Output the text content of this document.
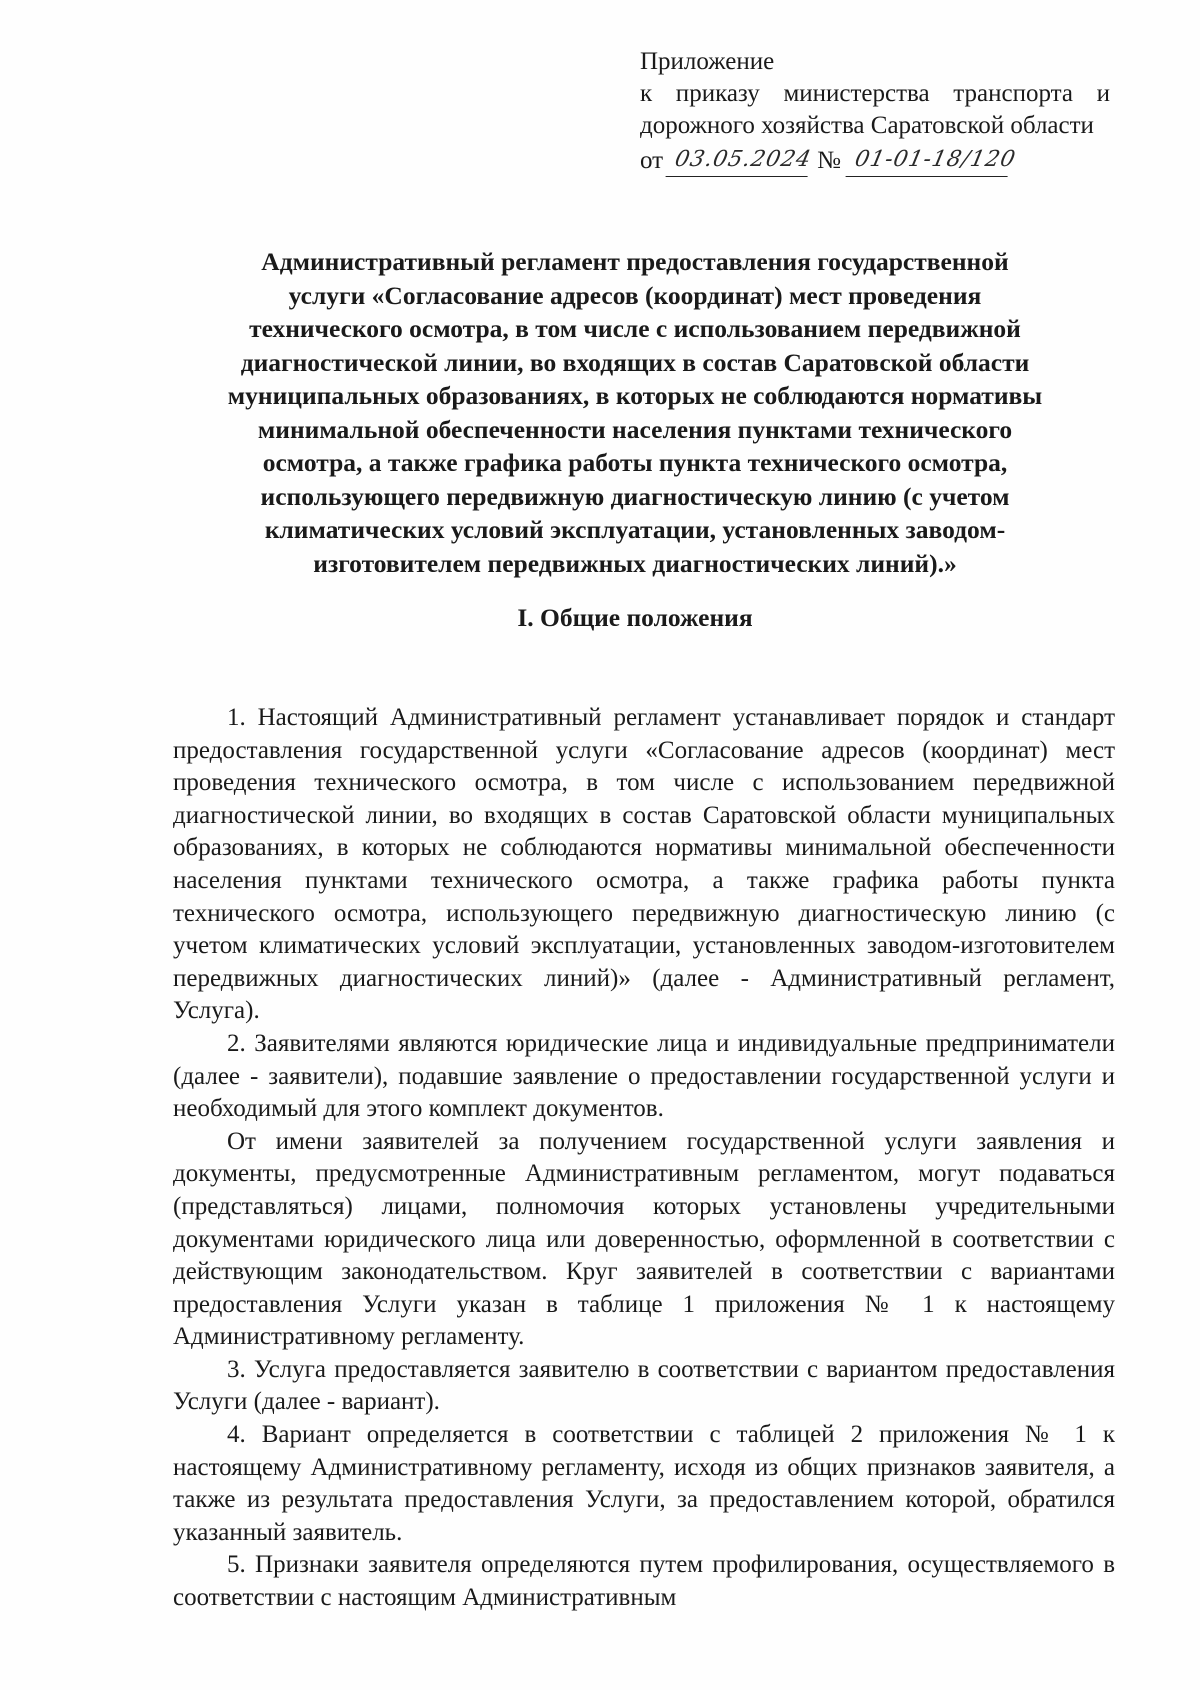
Приложение
к приказу министерства транспорта и дорожного хозяйства Саратовской области
от 03.05.2024 № 01-01-18/120
Административный регламент предоставления государственной
услуги «Согласование адресов (координат) мест проведения
технического осмотра, в том числе с использованием передвижной
диагностической линии, во входящих в состав Саратовской области
муниципальных образованиях, в которых не соблюдаются нормативы
минимальной обеспеченности населения пунктами технического
осмотра, а также графика работы пункта технического осмотра,
использующего передвижную диагностическую линию (с учетом
климатических условий эксплуатации, установленных заводом-
изготовителем передвижных диагностических линий).»
I. Общие положения

1. Настоящий Административный регламент устанавливает порядок и стандарт предоставления государственной услуги «Согласование адресов (координат) мест проведения технического осмотра, в том числе с использованием передвижной диагностической линии, во входящих в состав Саратовской области муниципальных образованиях, в которых не соблюдаются нормативы минимальной обеспеченности населения пунктами технического осмотра, а также графика работы пункта технического осмотра, использующего передвижную диагностическую линию (с учетом климатических условий эксплуатации, установленных заводом-изготовителем передвижных диагностических линий)» (далее - Административный регламент, Услуга).

2. Заявителями являются юридические лица и индивидуальные предприниматели (далее - заявители), подавшие заявление о предоставлении государственной услуги и необходимый для этого комплект документов.

От имени заявителей за получением государственной услуги заявления и документы, предусмотренные Административным регламентом, могут подаваться (представляться) лицами, полномочия которых установлены учредительными документами юридического лица или доверенностью, оформленной в соответствии с действующим законодательством. Круг заявителей в соответствии с вариантами предоставления Услуги указан в таблице 1 приложения № 1 к настоящему Административному регламенту.

3. Услуга предоставляется заявителю в соответствии с вариантом предоставления Услуги (далее - вариант).

4. Вариант определяется в соответствии с таблицей 2 приложения № 1 к настоящему Административному регламенту, исходя из общих признаков заявителя, а также из результата предоставления Услуги, за предоставлением которой, обратился указанный заявитель.

5. Признаки заявителя определяются путем профилирования, осуществляемого в соответствии с настоящим Административным
